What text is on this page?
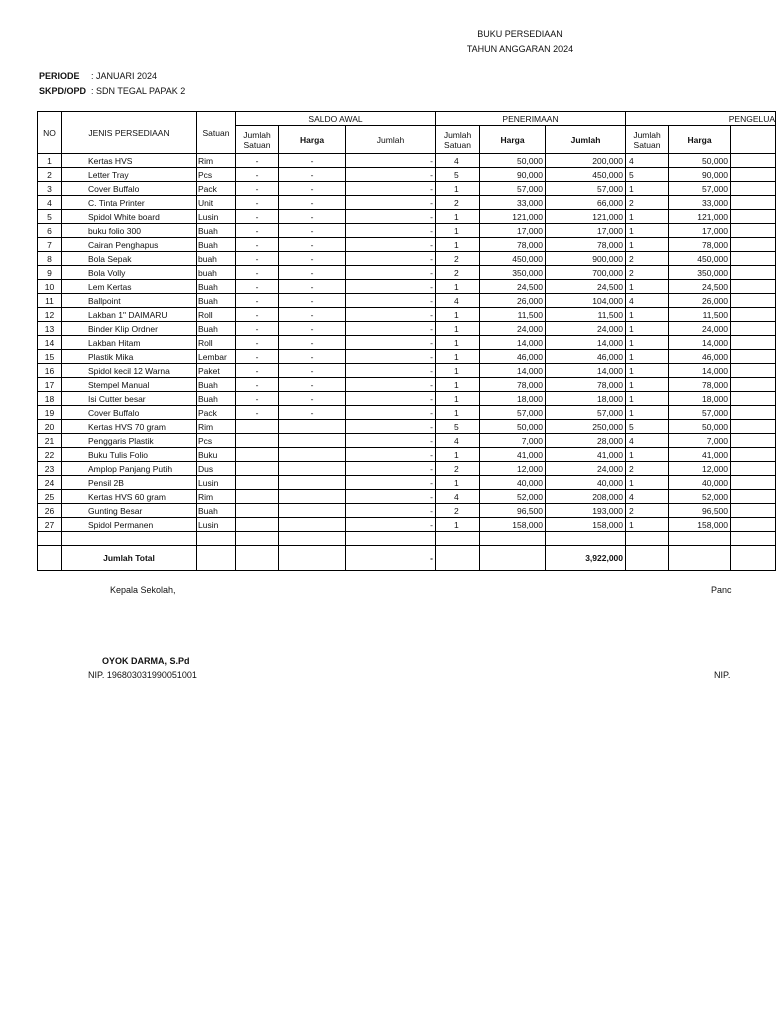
BUKU PERSEDIAAN
TAHUN ANGGARAN 2024
PERIODE : JANUARI 2024
SKPD/OPD : SDN TEGAL PAPAK 2
NO	JENIS PERSEDIAAN	Satuan	SALDO AWAL			PENERIMAAN			PENGELUA		
			Jumlah Satuan	Harga	Jumlah	Jumlah Satuan	Harga	Jumlah	Jumlah Satuan	Harga	
1	Kertas HVS	Rim	-	-	-	4	50,000	200,000	4	50,000	
2	Letter Tray	Pcs	-	-	-	5	90,000	450,000	5	90,000	
3	Cover Buffalo	Pack	-	-	-	1	57,000	57,000	1	57,000	
4	C. Tinta Printer	Unit	-	-	-	2	33,000	66,000	2	33,000	
5	Spidol White board	Lusin	-	-	-	1	121,000	121,000	1	121,000	
6	buku folio 300	Buah	-	-	-	1	17,000	17,000	1	17,000	
7	Cairan Penghapus	Buah	-	-	-	1	78,000	78,000	1	78,000	
8	Bola Sepak	buah	-	-	-	2	450,000	900,000	2	450,000	
9	Bola Volly	buah	-	-	-	2	350,000	700,000	2	350,000	
10	Lem Kertas	Buah	-	-	-	1	24,500	24,500	1	24,500	
11	Ballpoint	Buah	-	-	-	4	26,000	104,000	4	26,000	
12	Lakban 1" DAIMARU	Roll	-	-	-	1	11,500	11,500	1	11,500	
13	Binder Klip Ordner	Buah	-	-	-	1	24,000	24,000	1	24,000	
14	Lakban Hitam	Roll	-	-	-	1	14,000	14,000	1	14,000	
15	Plastik Mika	Lembar	-	-	-	1	46,000	46,000	1	46,000	
16	Spidol kecil 12 Warna	Paket	-	-	-	1	14,000	14,000	1	14,000	
17	Stempel Manual	Buah	-	-	-	1	78,000	78,000	1	78,000	
18	Isi Cutter besar	Buah	-	-	-	1	18,000	18,000	1	18,000	
19	Cover Buffalo	Pack	-	-	-	1	57,000	57,000	1	57,000	
20	Kertas HVS 70 gram	Rim			-	5	50,000	250,000	5	50,000	
21	Penggaris Plastik	Pcs			-	4	7,000	28,000	4	7,000	
22	Buku Tulis Folio	Buku			-	1	41,000	41,000	1	41,000	
23	Amplop Panjang Putih	Dus			-	2	12,000	24,000	2	12,000	
24	Pensil 2B	Lusin			-	1	40,000	40,000	1	40,000	
25	Kertas HVS 60 gram	Rim			-	4	52,000	208,000	4	52,000	
26	Gunting Besar	Buah			-	2	96,500	193,000	2	96,500	
27	Spidol Permanen	Lusin			-	1	158,000	158,000	1	158,000	

	Jumlah Total				-			3,922,000			
Kepala Sekolah,	Panc
OYOK DARMA, S.Pd
NIP. 196803031990051001	NIP.
